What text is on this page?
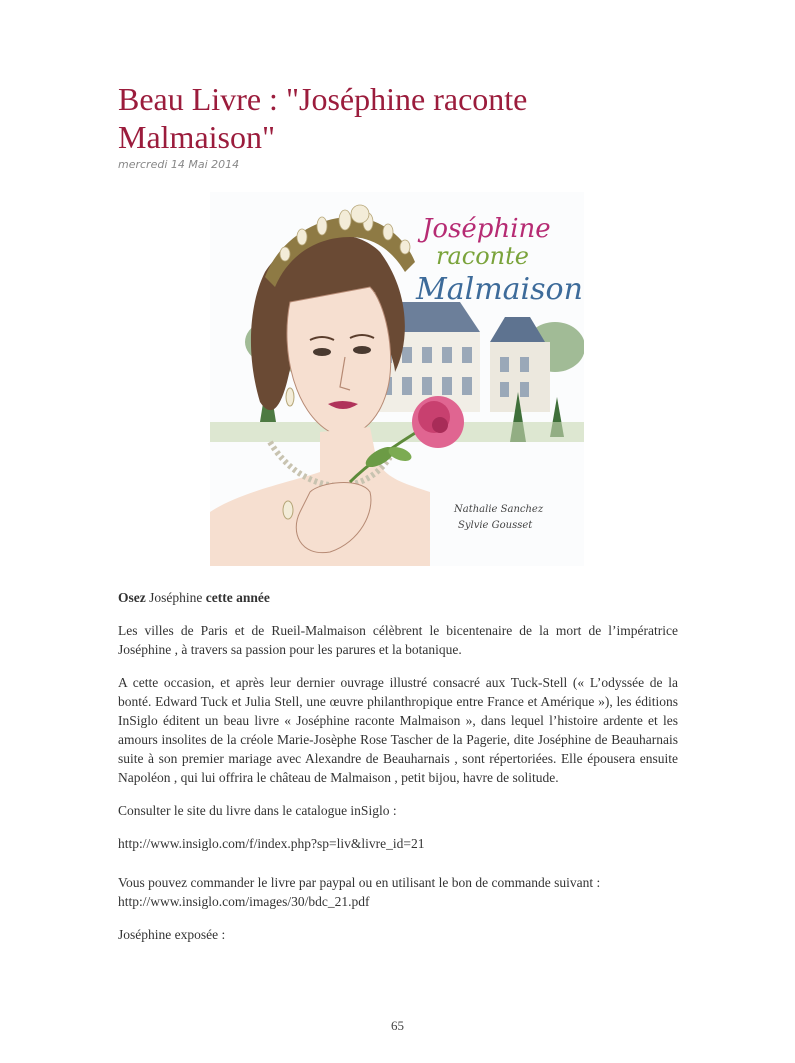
Beau Livre : "Joséphine raconte Malmaison"
mercredi 14 Mai 2014
Joséphine
raconte
Malmaison
Nathalie Sanchez
Sylvie Gousset

Osez Joséphine cette année

Les villes de Paris et de Rueil-Malmaison célèbrent le bicentenaire de la mort de l’impératrice Joséphine , à travers sa passion pour les parures et la botanique.

A cette occasion, et après leur dernier ouvrage illustré consacré aux Tuck-Stell (« L’odyssée de la bonté. Edward Tuck et Julia Stell, une œuvre philanthropique entre France et Amérique »), les éditions InSiglo éditent un beau livre « Joséphine raconte Malmaison », dans lequel l’histoire ardente et les amours insolites de la créole Marie-Josèphe Rose Tascher de la Pagerie, dite Joséphine de Beauharnais suite à son premier mariage avec Alexandre de Beauharnais , sont répertoriées. Elle épousera ensuite Napoléon , qui lui offrira le château de Malmaison , petit bijou, havre de solitude.

Consulter le site du livre dans le catalogue inSiglo :

http://www.insiglo.com/f/index.php?sp=liv&livre_id=21

Vous pouvez commander le livre par paypal ou en utilisant le bon de commande suivant :
http://www.insiglo.com/images/30/bdc_21.pdf

Joséphine exposée :

65
